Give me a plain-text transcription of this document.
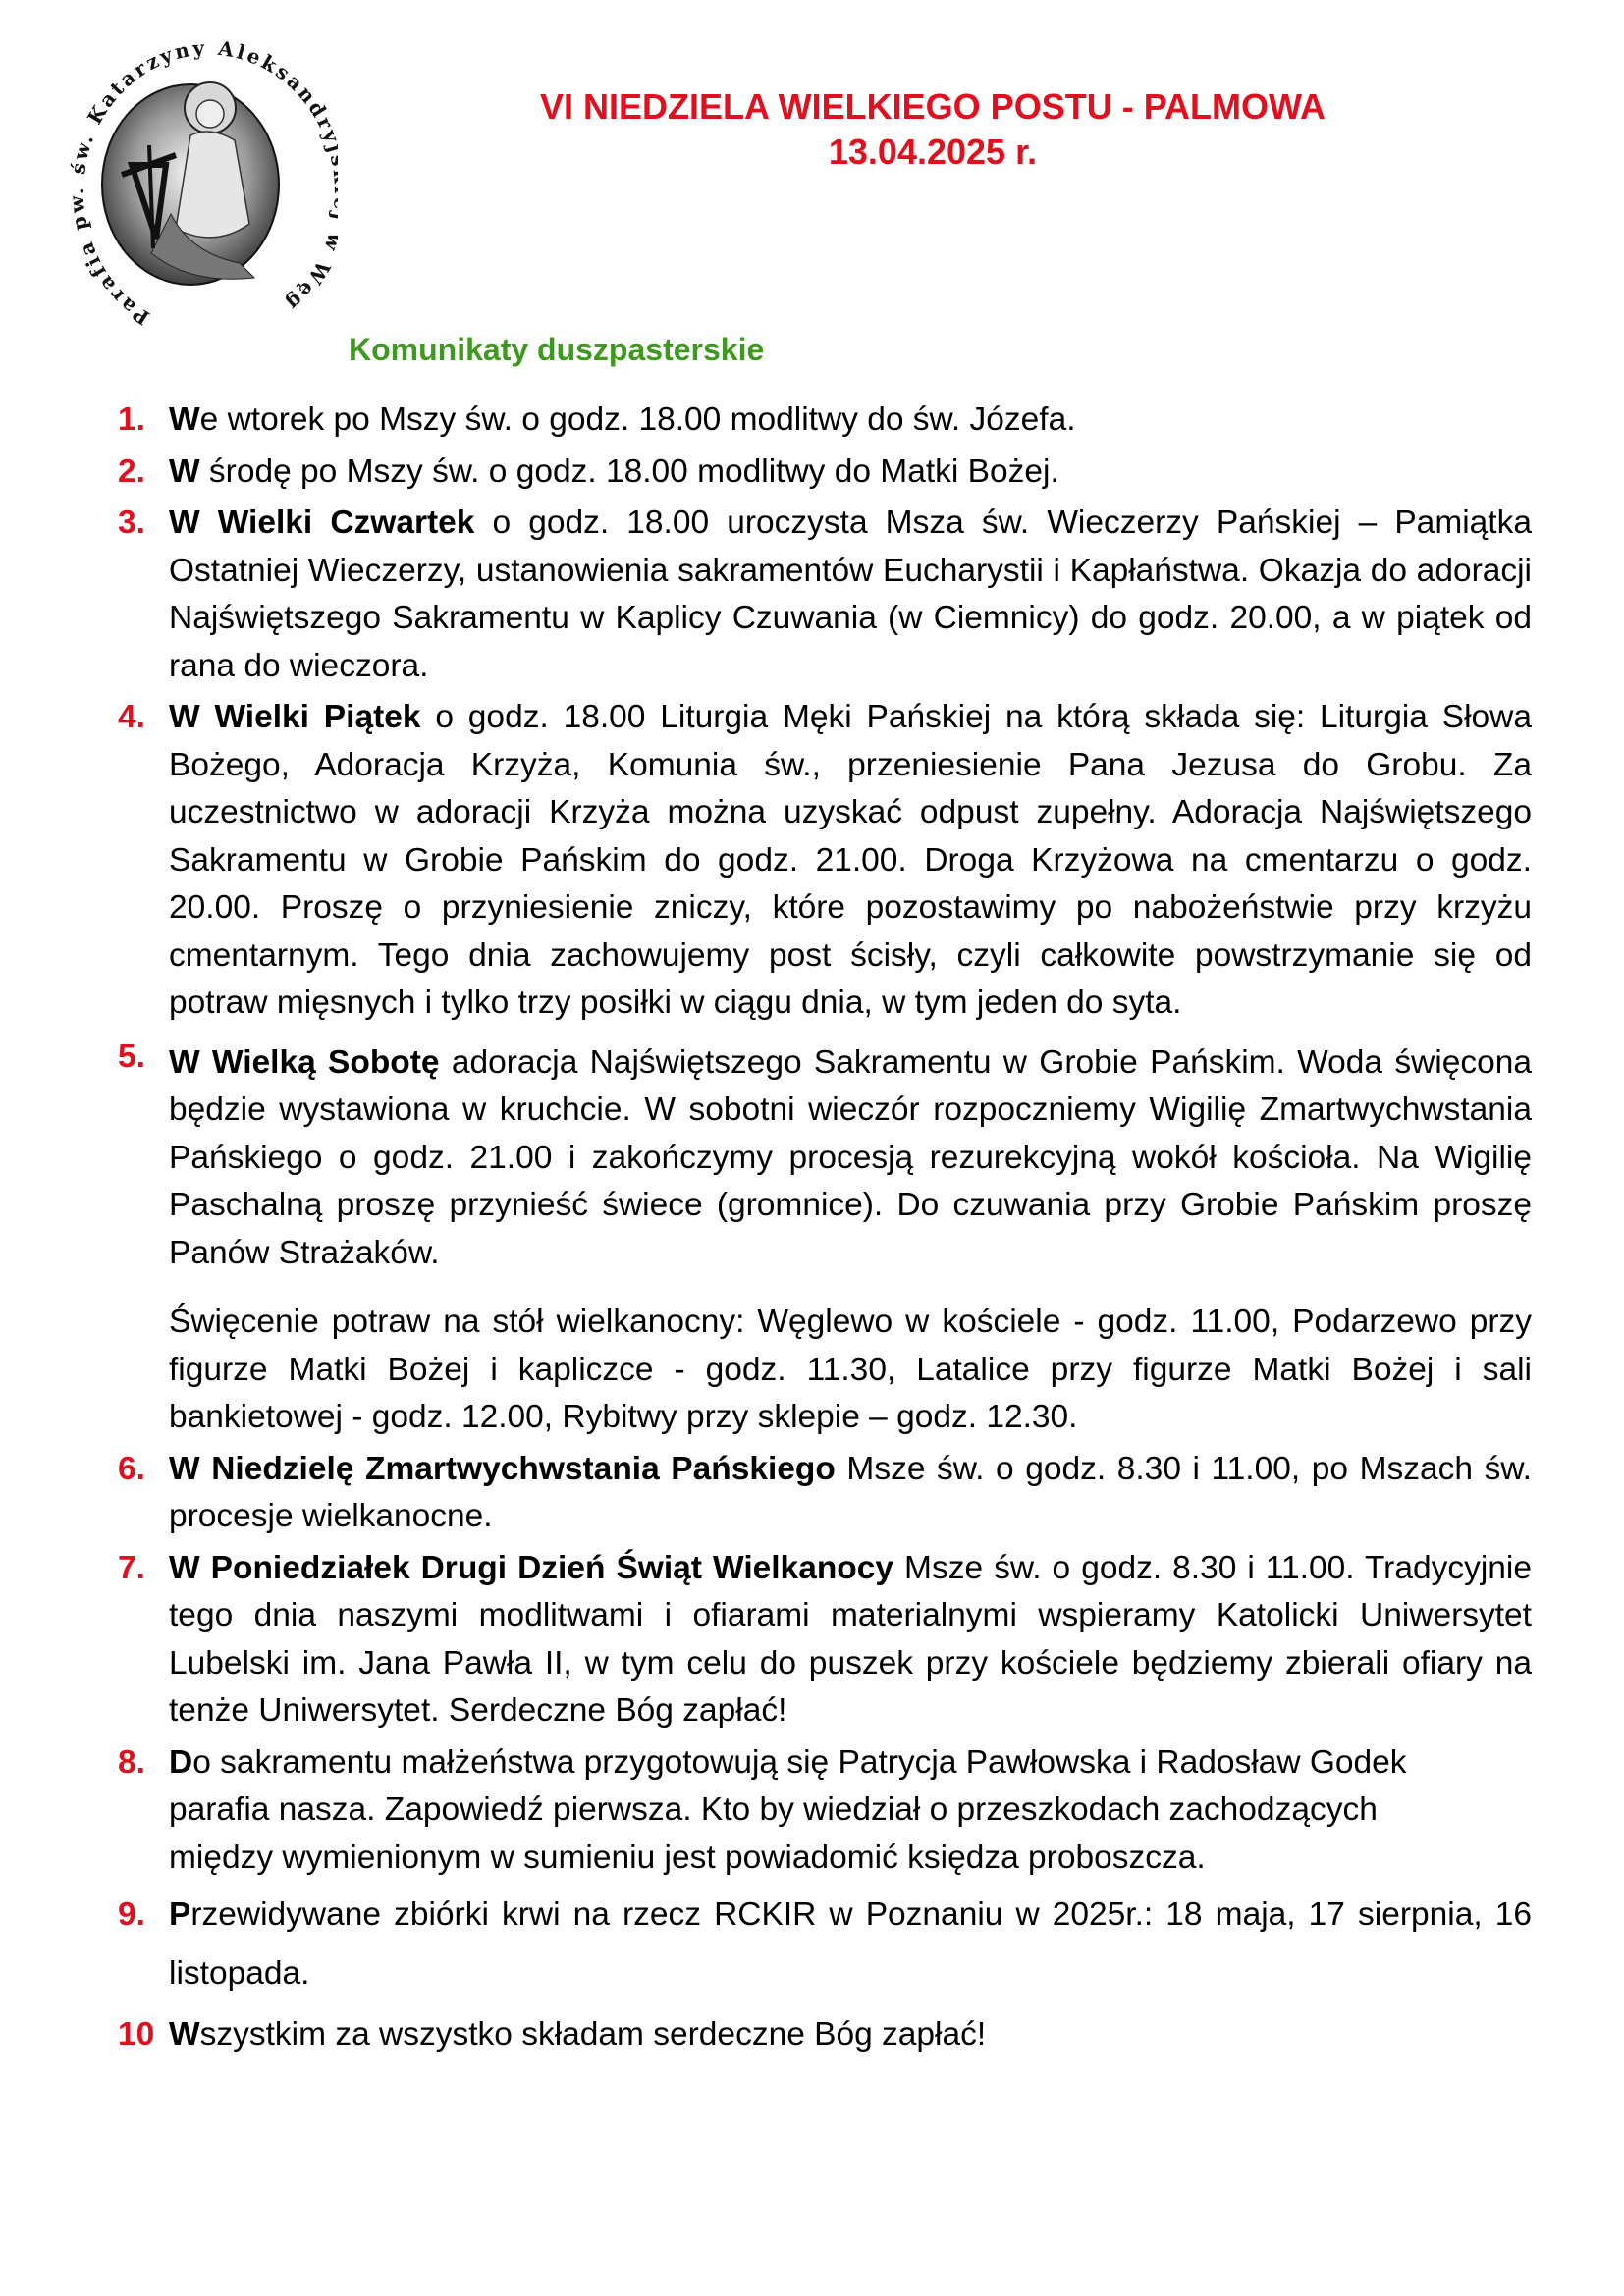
Parafia pw. św. Katarzyny Aleksandr Węg
VI NIEDZIELA WIELKIEGO POSTU - PALMOWA
13.04.2025 r.
Komunikaty duszpasterskie
1. We wtorek po Mszy św. o godz. 18.00 modlitwy do św. Józefa.

2. W środę po Mszy św. o godz. 18.00 modlitwy do Matki Bożej.

3. W Wielki Czwartek o godz. 18.00 uroczysta Msza św. Wieczerzy Pańskiej – Pamiątka Ostatniej Wieczerzy, ustanowienia sakramentów Eucharystii i Kapłaństwa. Okazja do adoracji Najświętszego Sakramentu w Kaplicy Czuwania (w Ciemnicy) do godz. 20.00, a w piątek od rana do wieczora.

4. W Wielki Piątek o godz. 18.00 Liturgia Męki Pańskiej na którą składa się: Liturgia Słowa Bożego, Adoracja Krzyża, Komunia św., przeniesienie Pana Jezusa do Grobu. Za uczestnictwo w adoracji Krzyża można uzyskać odpust zupełny. Adoracja Najświętszego Sakramentu w Grobie Pańskim do godz. 21.00. Droga Krzyżowa na cmentarzu o godz. 20.00. Proszę o przyniesienie zniczy, które pozostawimy po nabożeństwie przy krzyżu cmentarnym. Tego dnia zachowujemy post ścisły, czyli całkowite powstrzymanie się od potraw mięsnych i tylko trzy posiłki w ciągu dnia, w tym jeden do syta.

5. W Wielką Sobotę adoracja Najświętszego Sakramentu w Grobie Pańskim. Woda święcona będzie wystawiona w kruchcie. W sobotni wieczór rozpoczniemy Wigilię Zmartwychwstania Pańskiego o godz. 21.00 i zakończymy procesją rezurekcyjną wokół kościoła. Na Wigilię Paschalną proszę przynieść świece (gromnice). Do czuwania przy Grobie Pańskim proszę Panów Strażaków.

Święcenie potraw na stół wielkanocny: Węglewo w kościele - godz. 11.00, Podarzewo przy figurze Matki Bożej i kapliczce - godz. 11.30, Latalice przy figurze Matki Bożej i sali bankietowej - godz. 12.00, Rybitwy przy sklepie – godz. 12.30.

6. W Niedzielę Zmartwychwstania Pańskiego Msze św. o godz. 8.30 i 11.00, po Mszach św. procesje wielkanocne.

7. W Poniedziałek Drugi Dzień Świąt Wielkanocy Msze św. o godz. 8.30 i 11.00. Tradycyjnie tego dnia naszymi modlitwami i ofiarami materialnymi wspieramy Katolicki Uniwersytet Lubelski im. Jana Pawła II, w tym celu do puszek przy kościele będziemy zbierali ofiary na tenże Uniwersytet. Serdeczne Bóg zapłać!

8. Do sakramentu małżeństwa przygotowują się Patrycja Pawłowska i Radosław Godek parafia nasza. Zapowiedź pierwsza. Kto by wiedział o przeszkodach zachodzących między wymienionym w sumieniu jest powiadomić księdza proboszcza.

9. Przewidywane zbiórki krwi na rzecz RCKIR w Poznaniu w 2025r.: 18 maja, 17 sierpnia, 16 listopada.

10 Wszystkim za wszystko składam serdeczne Bóg zapłać!
